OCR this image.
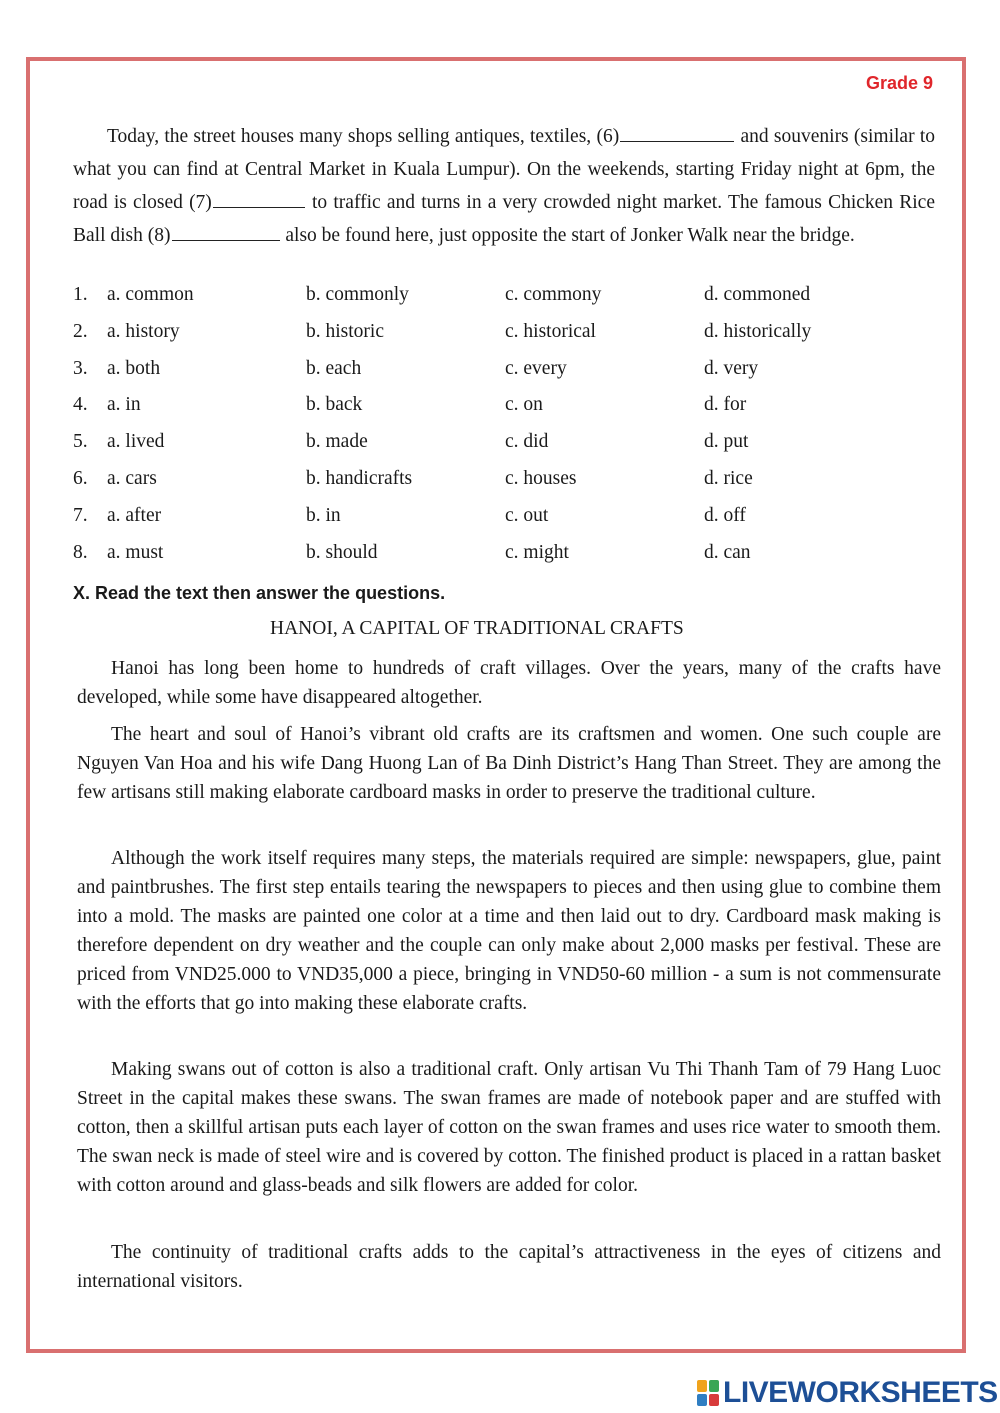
Grade 9

Today, the street houses many shops selling antiques, textiles, (6)	and souvenirs (similar to what you can find at Central Market in Kuala Lumpur). On the weekends, starting Friday night at 6pm, the road is closed (7)	to traffic and turns in a very crowded night market. The famous Chicken Rice Ball dish (8)	also be found here, just opposite the start of Jonker Walk near the bridge.

1. a. common	b. commonly	c. commony	d. commoned
2. a. history	b. historic	c. historical	d. historically
3. a. both	b. each	c. every	d. very
4. a. in	b. back	c. on	d. for
5. a. lived	b. made	c. did	d. put
6. a. cars	b. handicrafts	c. houses	d. rice
7. a. after	b. in	c. out	d. off
8. a. must	b. should	c. might	d. can
X. Read the text then answer the questions.
HANOI, A CAPITAL OF TRADITIONAL CRAFTS

Hanoi has long been home to hundreds of craft villages. Over the years, many of the crafts have developed, while some have disappeared altogether.

The heart and soul of Hanoi’s vibrant old crafts are its craftsmen and women. One such couple are Nguyen Van Hoa and his wife Dang Huong Lan of Ba Dinh District’s Hang Than Street. They are among the few artisans still making elaborate cardboard masks in order to preserve the traditional culture.

Although the work itself requires many steps, the materials required are simple: newspapers, glue, paint and paintbrushes. The first step entails tearing the newspapers to pieces and then using glue to combine them into a mold. The masks are painted one color at a time and then laid out to dry. Cardboard mask making is therefore dependent on dry weather and the couple can only make about 2,000 masks per festival. These are priced from VND25.000 to VND35,000 a piece, bringing in VND50-60 million - a sum is not commensurate with the efforts that go into making these elaborate crafts.

Making swans out of cotton is also a traditional craft. Only artisan Vu Thi Thanh Tam of 79 Hang Luoc Street in the capital makes these swans. The swan frames are made of notebook paper and are stuffed with cotton, then a skillful artisan puts each layer of cotton on the swan frames and uses rice water to smooth them. The swan neck is made of steel wire and is covered by cotton. The finished product is placed in a rattan basket with cotton around and glass-beads and silk flowers are added for color.

The continuity of traditional crafts adds to the capital’s attractiveness in the eyes of citizens and international visitors.

LIVEWORKSHEETS
